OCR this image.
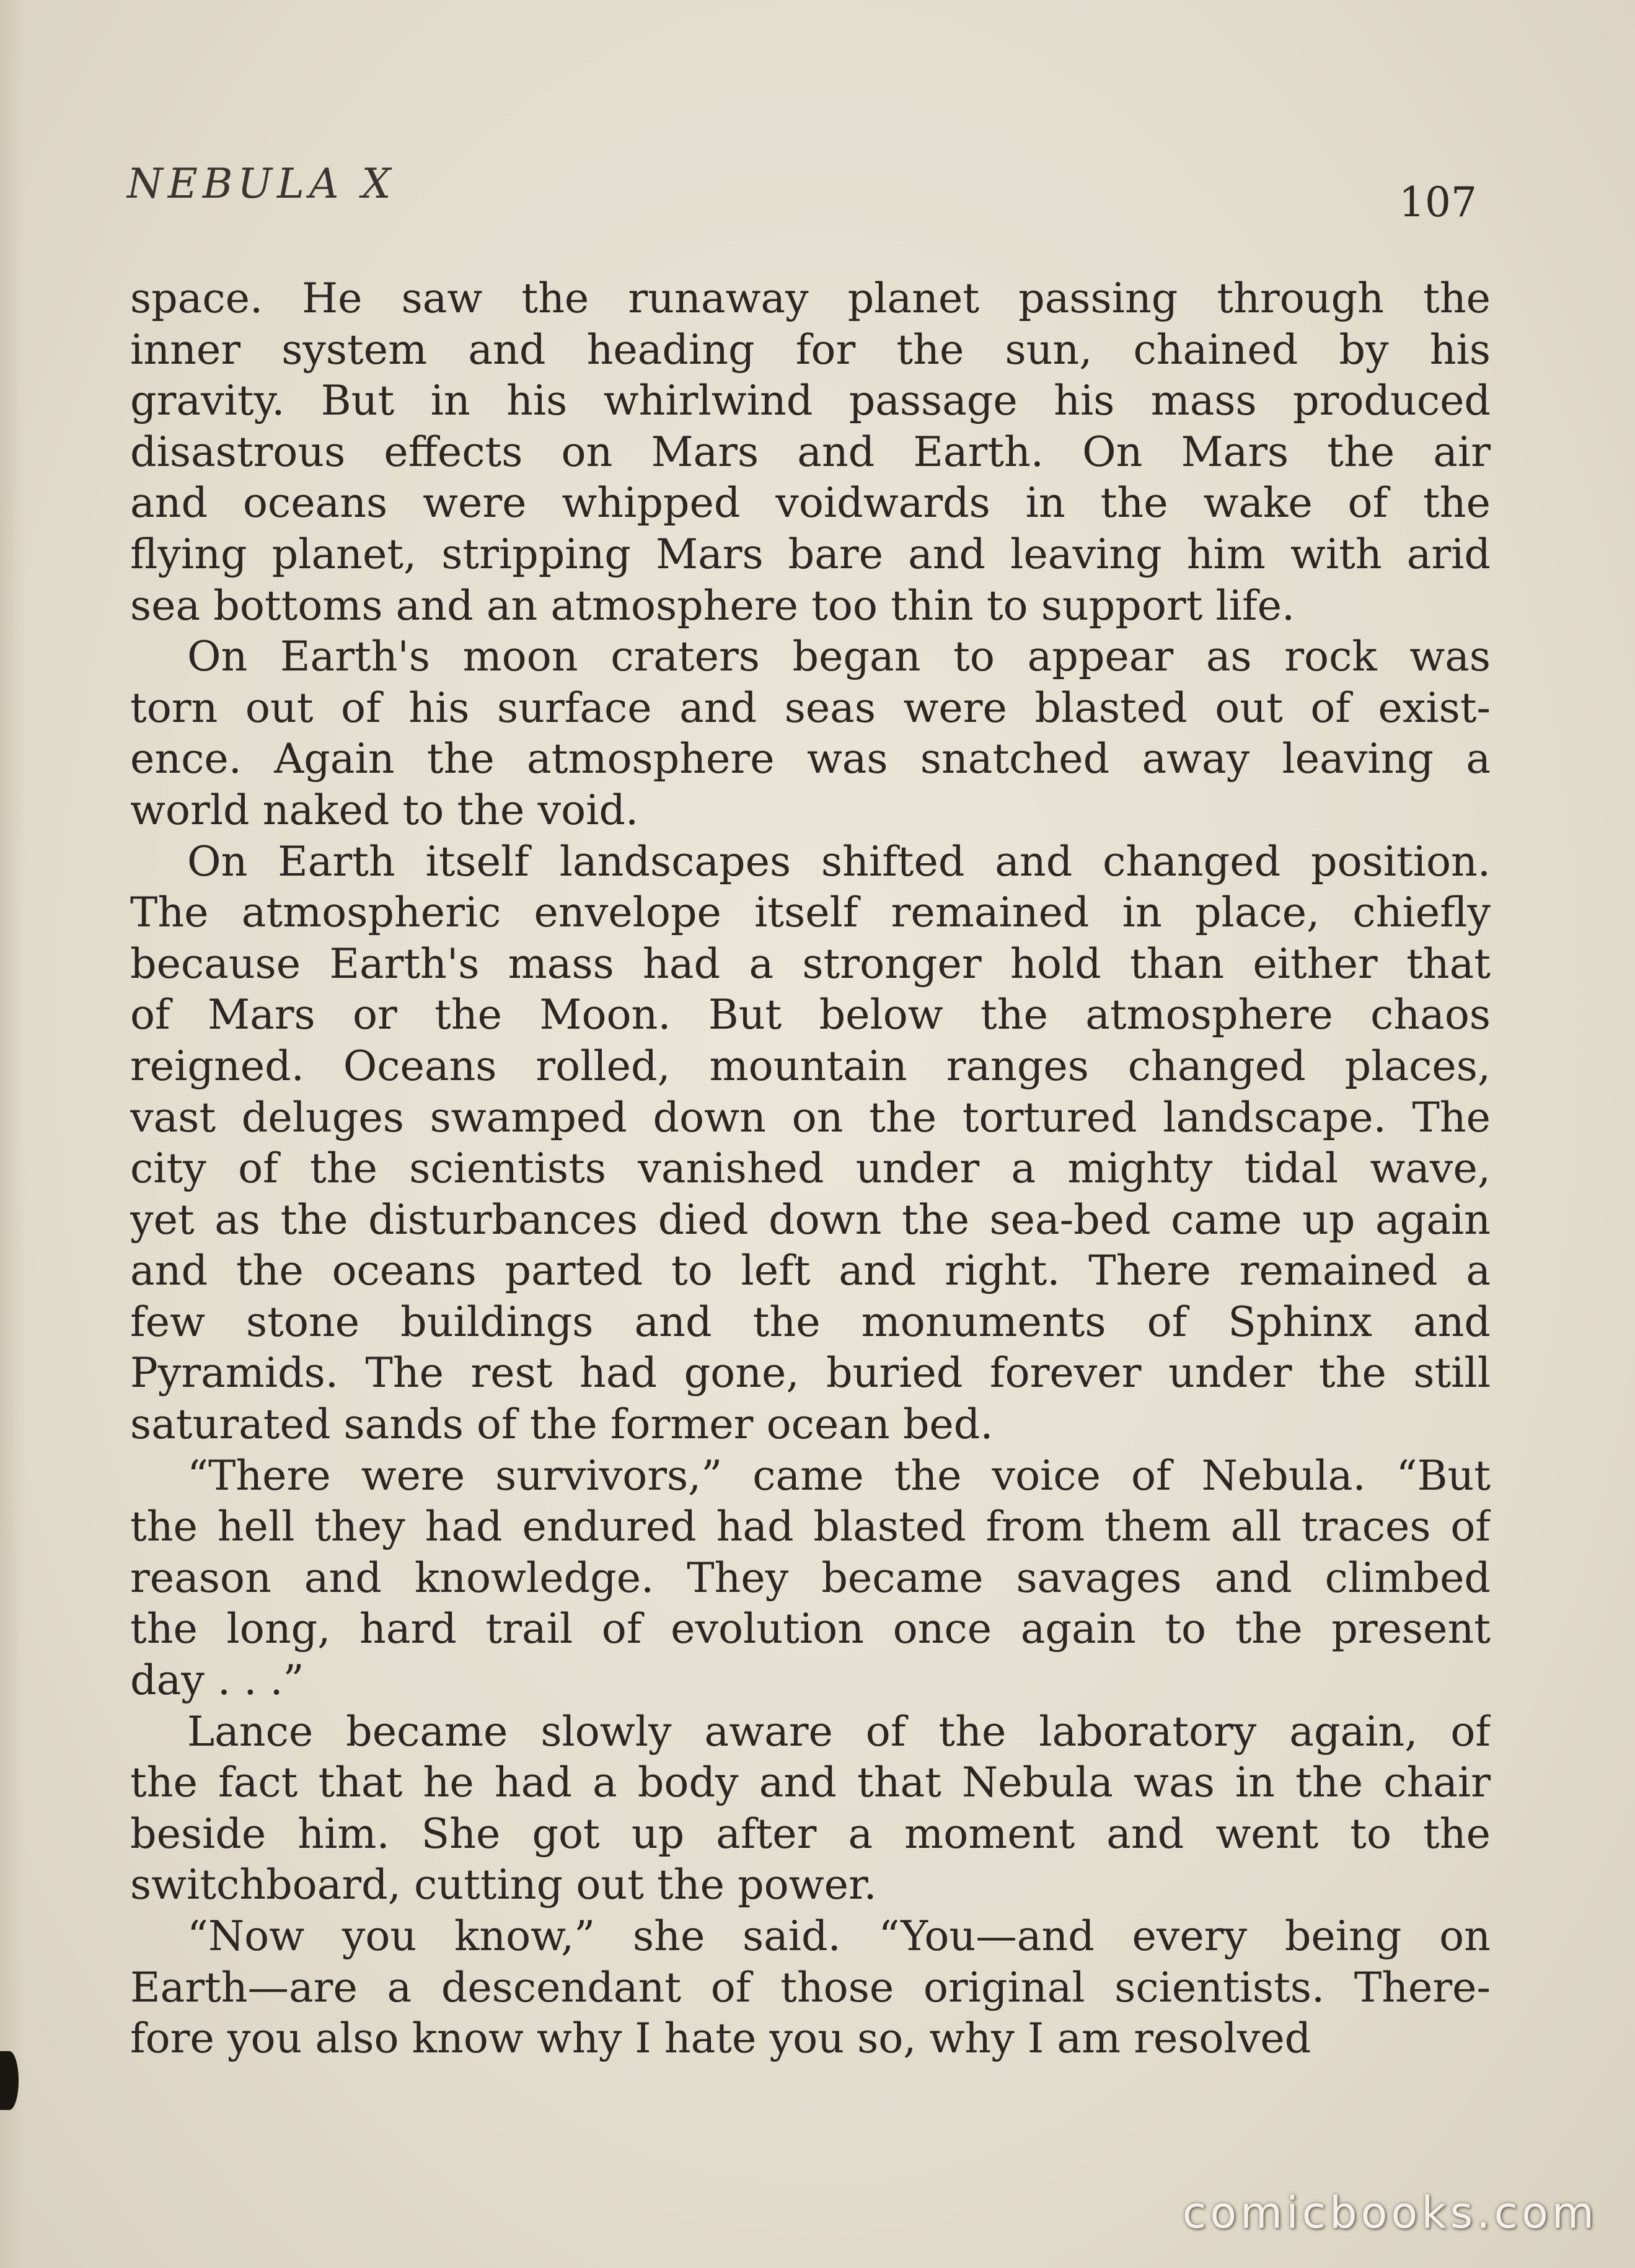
NEBULA X	107

space. He saw the runaway planet passing through the
inner system and heading for the sun, chained by his
gravity. But in his whirlwind passage his mass produced
disastrous effects on Mars and Earth. On Mars the air
and oceans were whipped voidwards in the wake of the
flying planet, stripping Mars bare and leaving him with arid
sea bottoms and an atmosphere too thin to support life.

On Earth's moon craters began to appear as rock was
torn out of his surface and seas were blasted out of exist-
ence. Again the atmosphere was snatched away leaving a
world naked to the void.

On Earth itself landscapes shifted and changed position.
The atmospheric envelope itself remained in place, chiefly
because Earth's mass had a stronger hold than either that
of Mars or the Moon. But below the atmosphere chaos
reigned. Oceans rolled, mountain ranges changed places,
vast deluges swamped down on the tortured landscape. The
city of the scientists vanished under a mighty tidal wave,
yet as the disturbances died down the sea-bed came up again
and the oceans parted to left and right. There remained a
few stone buildings and the monuments of Sphinx and
Pyramids. The rest had gone, buried forever under the still
saturated sands of the former ocean bed.

“There were survivors,” came the voice of Nebula. “But
the hell they had endured had blasted from them all traces of
reason and knowledge. They became savages and climbed
the long, hard trail of evolution once again to the present
day . . .”

Lance became slowly aware of the laboratory again, of
the fact that he had a body and that Nebula was in the chair
beside him. She got up after a moment and went to the
switchboard, cutting out the power.

“Now you know,” she said. “You—and every being on
Earth—are a descendant of those original scientists. There-
fore you also know why I hate you so, why I am resolved

comicbooks.com
